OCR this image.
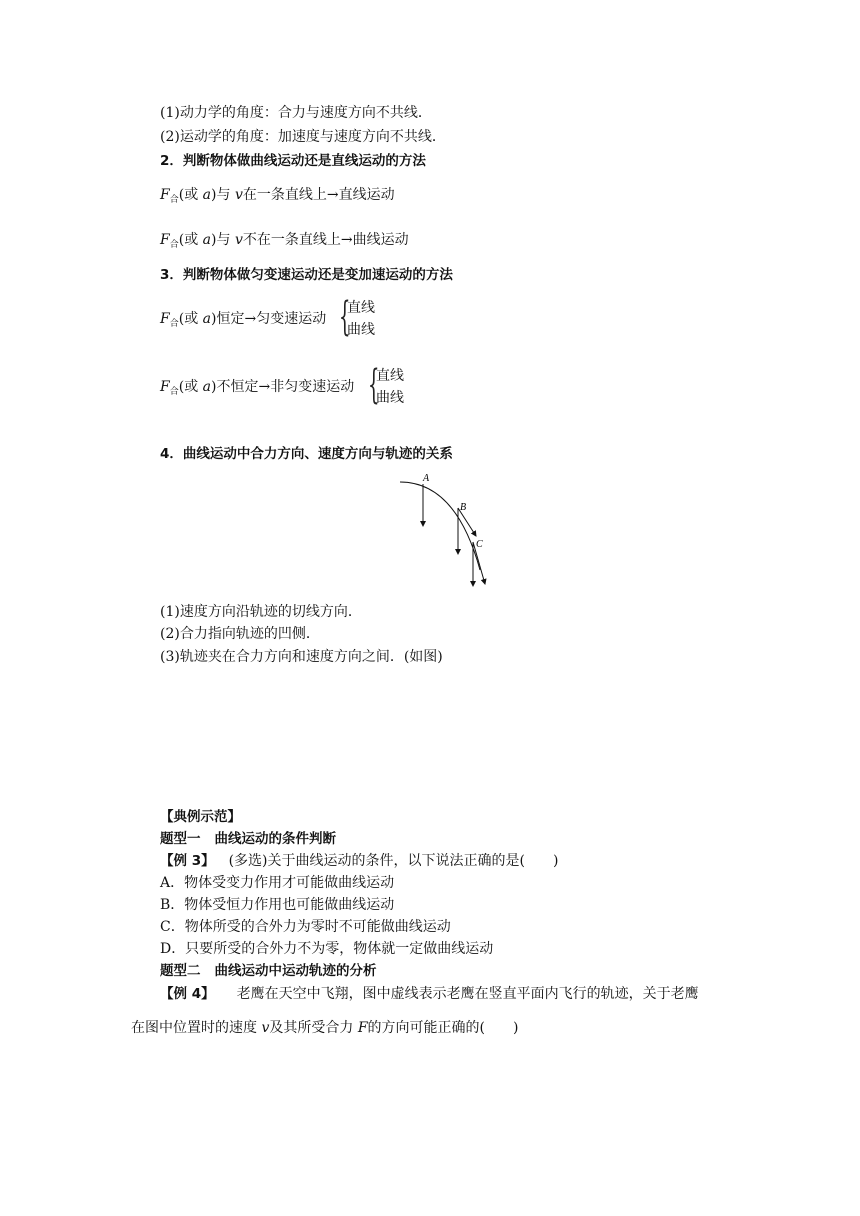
(1)动力学的角度：合力与速度方向不共线．
(2)运动学的角度：加速度与速度方向不共线．
2．判断物体做曲线运动还是直线运动的方法
$F_合$(或 a)与 v在一条直线上→直线运动
$F_合$(或 a)与 v不在一条直线上→曲线运动
3．判断物体做匀变速运动还是变加速运动的方法
$F_合$(或 a)恒定→匀变速运动 {
直线
曲线
$F_合$(或 a)不恒定→非匀变速运动 {
直线
曲线
4．曲线运动中合力方向、速度方向与轨迹的关系
A
B
C
(1)速度方向沿轨迹的切线方向．
(2)合力指向轨迹的凹侧．
(3)轨迹夹在合力方向和速度方向之间．(如图)
【典例示范】
题型一 曲线运动的条件判断
【例 3】 (多选)关于曲线运动的条件，以下说法正确的是(　　)
A．物体受变力作用才可能做曲线运动
B．物体受恒力作用也可能做曲线运动
C．物体所受的合外力为零时不可能做曲线运动
D．只要所受的合外力不为零，物体就一定做曲线运动
题型二 曲线运动中运动轨迹的分析
【例 4】 老鹰在天空中飞翔，图中虚线表示老鹰在竖直平面内飞行的轨迹，关于老鹰
在图中位置时的速度 v及其所受合力 F的方向可能正确的(　　)
